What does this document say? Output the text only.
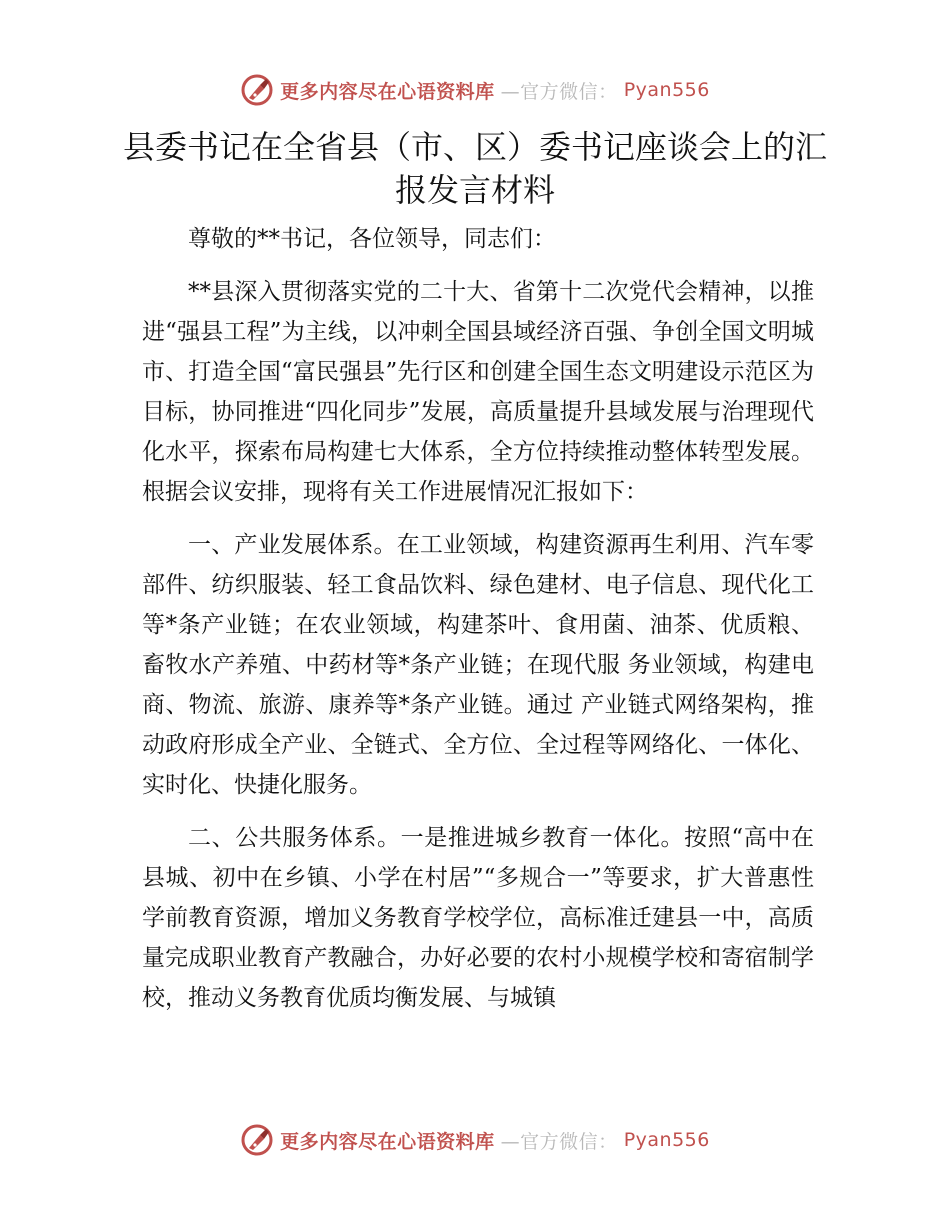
更多内容尽在心语资料库 —官方微信： Pyan556
县委书记在全省县（市、区）委书记座谈会上的汇报发言材料

尊敬的**书记，各位领导，同志们：

**县深入贯彻落实党的二十大、省第十二次党代会精神，以推进“强县工程”为主线，以冲刺全国县域经济百强、争创全国文明城市、打造全国“富民强县”先行区和创建全国生态文明建设示范区为目标，协同推进“四化同步”发展，高质量提升县域发展与治理现代化水平，探索布局构建七大体系，全方位持续推动整体转型发展。根据会议安排，现将有关工作进展情况汇报如下：

一、产业发展体系。在工业领域，构建资源再生利用、汽车零部件、纺织服装、轻工食品饮料、绿色建材、电子信息、现代化工等*条产业链；在农业领域，构建茶叶、食用菌、油茶、优质粮、畜牧水产养殖、中药材等*条产业链；在现代服 务业领域，构建电商、物流、旅游、康养等*条产业链。通过 产业链式网络架构，推动政府形成全产业、全链式、全方位、全过程等网络化、一体化、实时化、快捷化服务。

二、公共服务体系。一是推进城乡教育一体化。按照“高中在县城、初中在乡镇、小学在村居”“多规合一”等要求，扩大普惠性学前教育资源，增加义务教育学校学位，高标准迁建县一中，高质量完成职业教育产教融合，办好必要的农村小规模学校和寄宿制学校，推动义务教育优质均衡发展、与城镇

更多内容尽在心语资料库 —官方微信： Pyan556
